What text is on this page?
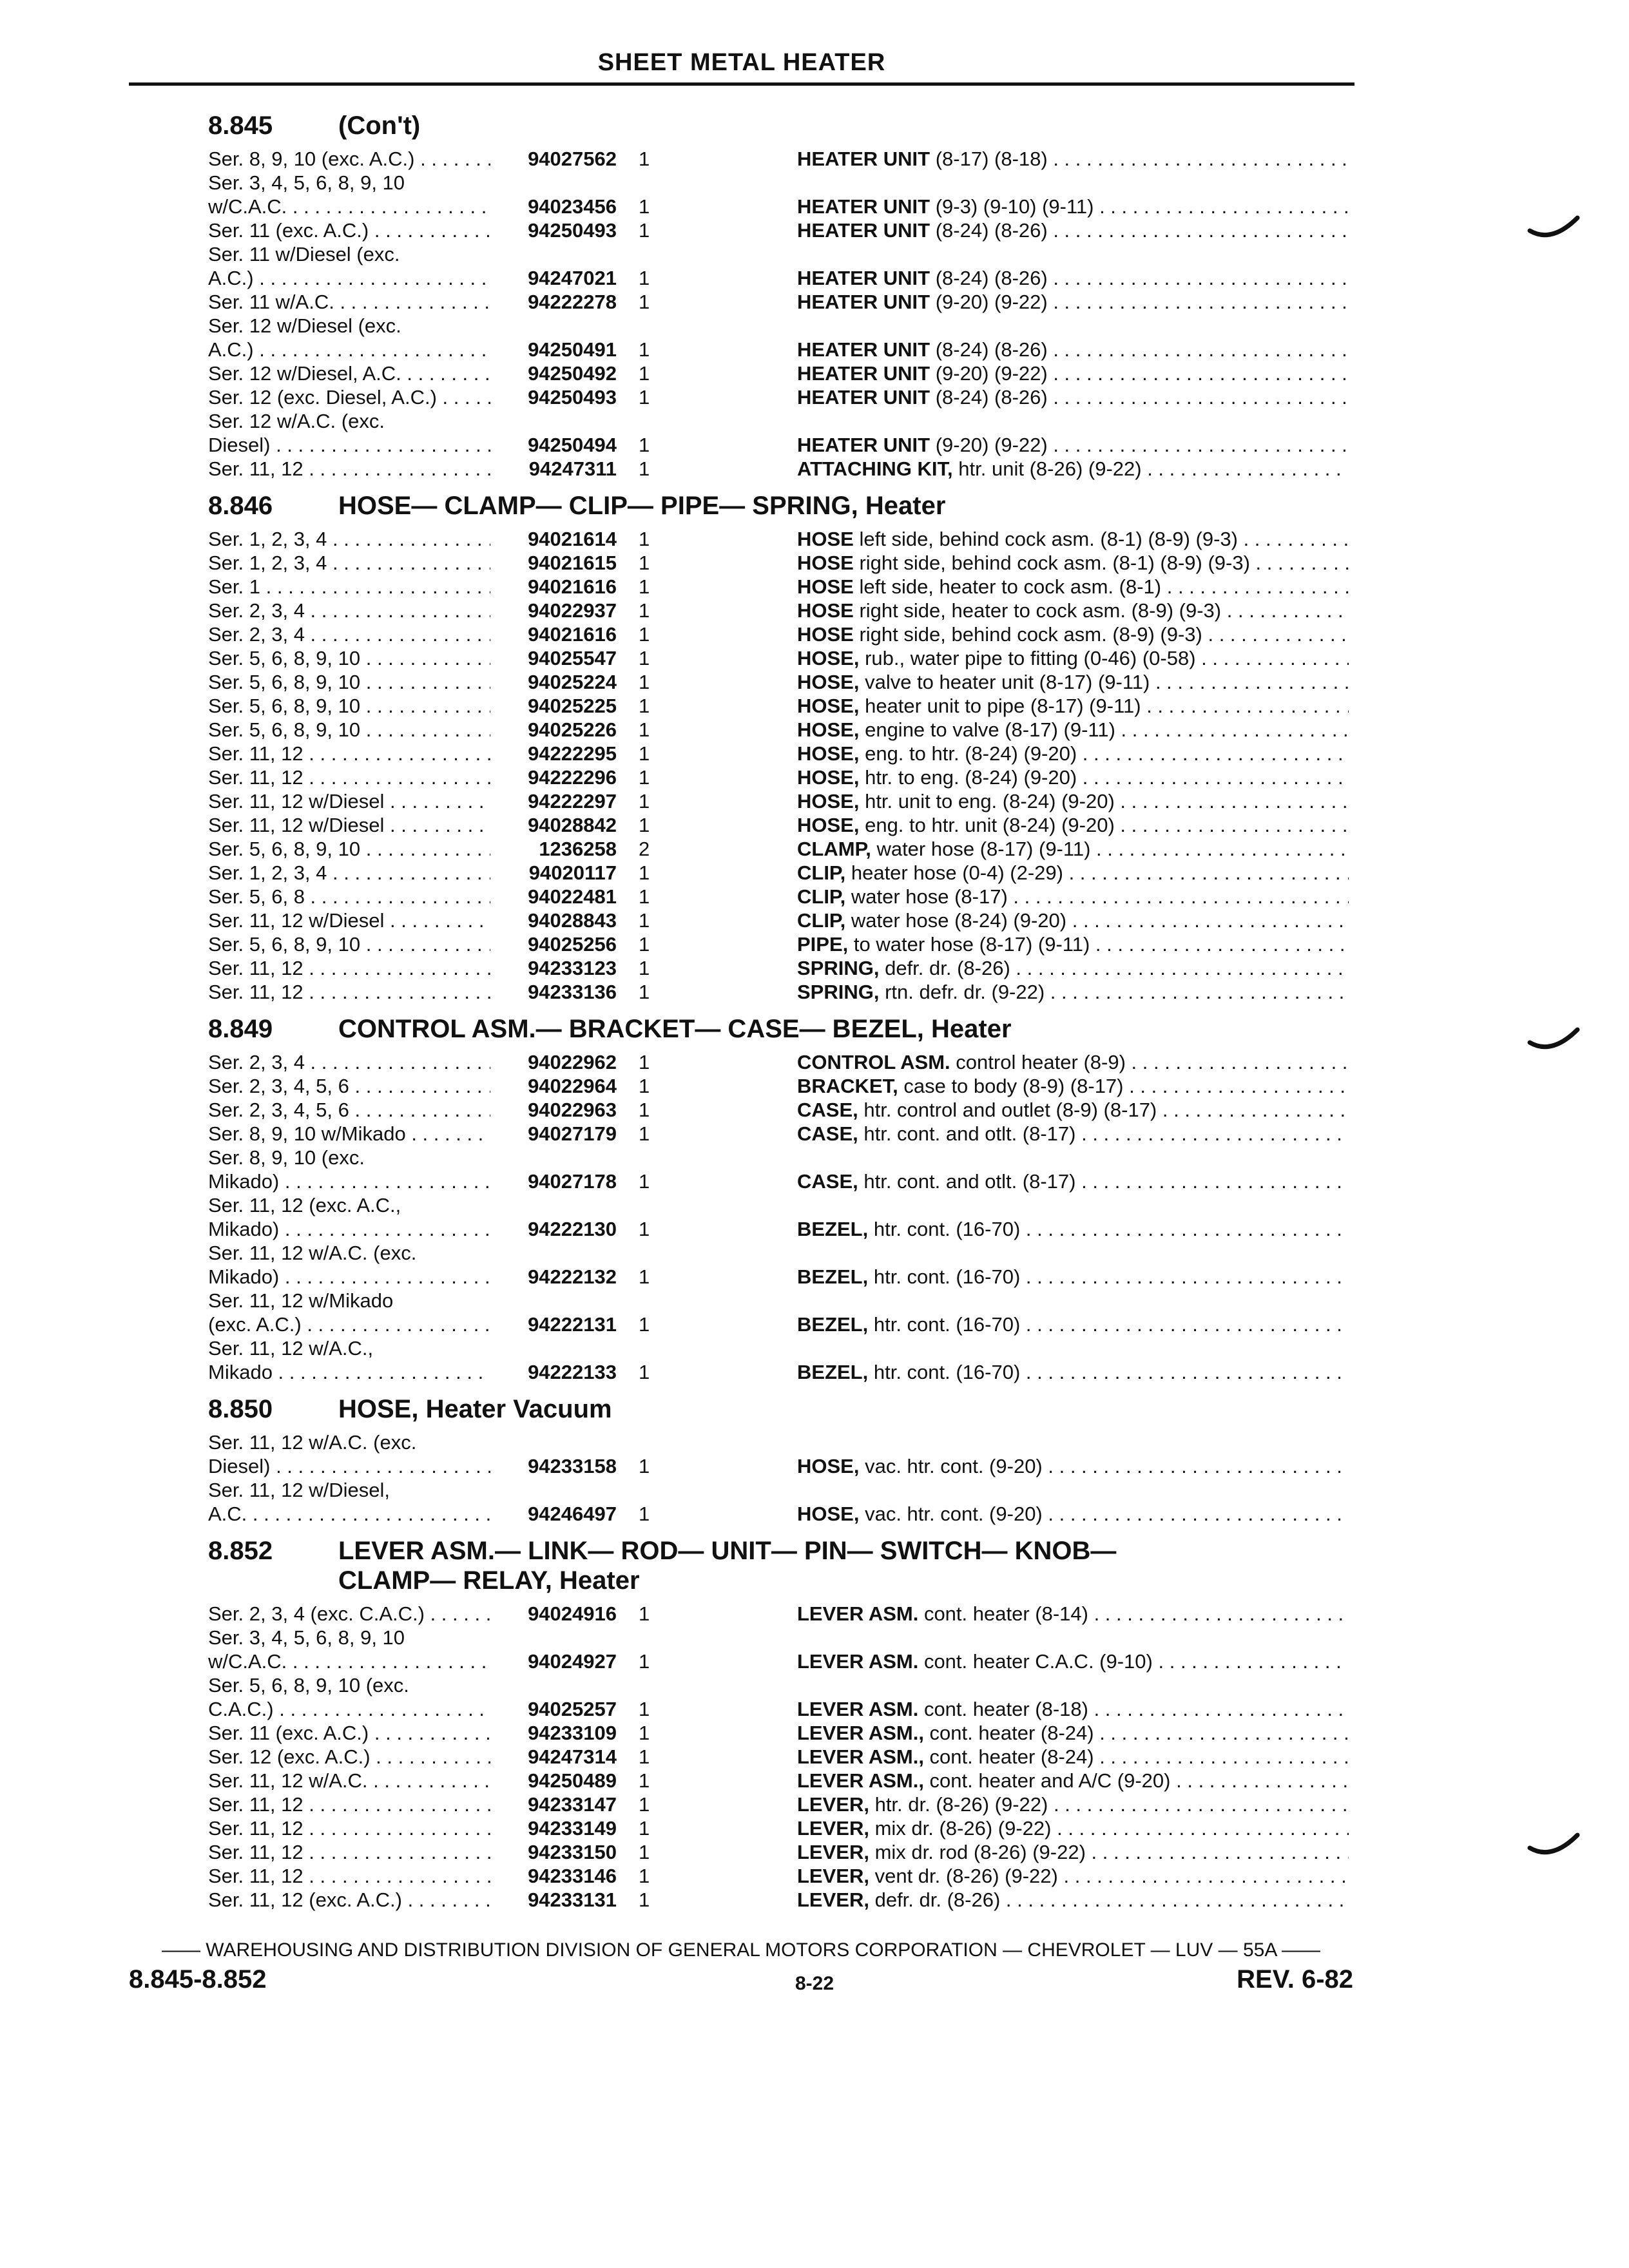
SHEET METAL HEATER
8.845	(Con't)
Ser. 8, 9, 10 (exc. A.C.) . . .	94027562 1	HEATER UNIT (8-17) (8-18) . . .
Ser. 3, 4, 5, 6, 8, 9, 10
w/C.A.C. . . .	94023456 1	HEATER UNIT (9-3) (9-10) (9-11) . . .
Ser. 11 (exc. A.C.) . . .	94250493 1	HEATER UNIT (8-24) (8-26) . . .
Ser. 11 w/Diesel (exc.
A.C.) . . .	94247021 1	HEATER UNIT (8-24) (8-26) . . .
Ser. 11 w/A.C. . . .	94222278 1	HEATER UNIT (9-20) (9-22) . . .
Ser. 12 w/Diesel (exc.
A.C.) . . .	94250491 1	HEATER UNIT (8-24) (8-26) . . .
Ser. 12 w/Diesel, A.C. . . .	94250492 1	HEATER UNIT (9-20) (9-22) . . .
Ser. 12 (exc. Diesel, A.C.) . . .	94250493 1	HEATER UNIT (8-24) (8-26) . . .
Ser. 12 w/A.C. (exc.
Diesel) . . .	94250494 1	HEATER UNIT (9-20) (9-22) . . .
Ser. 11, 12 . . .	94247311 1	ATTACHING KIT, htr. unit (8-26) (9-22) . . .
8.846	HOSE— CLAMP— CLIP— PIPE— SPRING, Heater
Ser. 1, 2, 3, 4 . . .	94021614 1	HOSE left side, behind cock asm. (8-1) (8-9) (9-3) . . .
Ser. 1, 2, 3, 4 . . .	94021615 1	HOSE right side, behind cock asm. (8-1) (8-9) (9-3) . . .
Ser. 1 . . .	94021616 1	HOSE left side, heater to cock asm. (8-1) . . .
Ser. 2, 3, 4 . . .	94022937 1	HOSE right side, heater to cock asm. (8-9) (9-3) . . .
Ser. 2, 3, 4 . . .	94021616 1	HOSE right side, behind cock asm. (8-9) (9-3) . . .
Ser. 5, 6, 8, 9, 10 . . .	94025547 1	HOSE, rub., water pipe to fitting (0-46) (0-58) . . .
Ser. 5, 6, 8, 9, 10 . . .	94025224 1	HOSE, valve to heater unit (8-17) (9-11) . . .
Ser. 5, 6, 8, 9, 10 . . .	94025225 1	HOSE, heater unit to pipe (8-17) (9-11) . . .
Ser. 5, 6, 8, 9, 10 . . .	94025226 1	HOSE, engine to valve (8-17) (9-11) . . .
Ser. 11, 12 . . .	94222295 1	HOSE, eng. to htr. (8-24) (9-20) . . .
Ser. 11, 12 . . .	94222296 1	HOSE, htr. to eng. (8-24) (9-20) . . .
Ser. 11, 12 w/Diesel . . .	94222297 1	HOSE, htr. unit to eng. (8-24) (9-20) . . .
Ser. 11, 12 w/Diesel . . .	94028842 1	HOSE, eng. to htr. unit (8-24) (9-20) . . .
Ser. 5, 6, 8, 9, 10 . . .	1236258 2	CLAMP, water hose (8-17) (9-11) . . .
Ser. 1, 2, 3, 4 . . .	94020117 1	CLIP, heater hose (0-4) (2-29) . . .
Ser. 5, 6, 8 . . .	94022481 1	CLIP, water hose (8-17) . . .
Ser. 11, 12 w/Diesel . . .	94028843 1	CLIP, water hose (8-24) (9-20) . . .
Ser. 5, 6, 8, 9, 10 . . .	94025256 1	PIPE, to water hose (8-17) (9-11) . . .
Ser. 11, 12 . . .	94233123 1	SPRING, defr. dr. (8-26) . . .
Ser. 11, 12 . . .	94233136 1	SPRING, rtn. defr. dr. (9-22) . . .
8.849	CONTROL ASM.— BRACKET— CASE— BEZEL, Heater
Ser. 2, 3, 4 . . .	94022962 1	CONTROL ASM. control heater (8-9) . . .
Ser. 2, 3, 4, 5, 6 . . .	94022964 1	BRACKET, case to body (8-9) (8-17) . . .
Ser. 2, 3, 4, 5, 6 . . .	94022963 1	CASE, htr. control and outlet (8-9) (8-17) . . .
Ser. 8, 9, 10 w/Mikado . . .	94027179 1	CASE, htr. cont. and otlt. (8-17) . . .
Ser. 8, 9, 10 (exc.
Mikado) . . .	94027178 1	CASE, htr. cont. and otlt. (8-17) . . .
Ser. 11, 12 (exc. A.C.,
Mikado) . . .	94222130 1	BEZEL, htr. cont. (16-70) . . .
Ser. 11, 12 w/A.C. (exc.
Mikado) . . .	94222132 1	BEZEL, htr. cont. (16-70) . . .
Ser. 11, 12 w/Mikado
(exc. A.C.) . . .	94222131 1	BEZEL, htr. cont. (16-70) . . .
Ser. 11, 12 w/A.C.,
Mikado . . .	94222133 1	BEZEL, htr. cont. (16-70) . . .
8.850	HOSE, Heater Vacuum
Ser. 11, 12 w/A.C. (exc.
Diesel) . . .	94233158 1	HOSE, vac. htr. cont. (9-20) . . .
Ser. 11, 12 w/Diesel,
A.C. . . .	94246497 1	HOSE, vac. htr. cont. (9-20) . . .
8.852	LEVER ASM.— LINK— ROD— UNIT— PIN— SWITCH— KNOB—
CLAMP— RELAY, Heater
Ser. 2, 3, 4 (exc. C.A.C.) . . .	94024916 1	LEVER ASM. cont. heater (8-14) . . .
Ser. 3, 4, 5, 6, 8, 9, 10
w/C.A.C. . . .	94024927 1	LEVER ASM. cont. heater C.A.C. (9-10) . . .
Ser. 5, 6, 8, 9, 10 (exc.
C.A.C.) . . .	94025257 1	LEVER ASM. cont. heater (8-18) . . .
Ser. 11 (exc. A.C.) . . .	94233109 1	LEVER ASM., cont. heater (8-24) . . .
Ser. 12 (exc. A.C.) . . .	94247314 1	LEVER ASM., cont. heater (8-24) . . .
Ser. 11, 12 w/A.C. . . .	94250489 1	LEVER ASM., cont. heater and A/C (9-20) . . .
Ser. 11, 12 . . .	94233147 1	LEVER, htr. dr. (8-26) (9-22) . . .
Ser. 11, 12 . . .	94233149 1	LEVER, mix dr. (8-26) (9-22) . . .
Ser. 11, 12 . . .	94233150 1	LEVER, mix dr. rod (8-26) (9-22) . . .
Ser. 11, 12 . . .	94233146 1	LEVER, vent dr. (8-26) (9-22) . . .
Ser. 11, 12 (exc. A.C.) . . .	94233131 1	LEVER, defr. dr. (8-26) . . .
—— WAREHOUSING AND DISTRIBUTION DIVISION OF GENERAL MOTORS CORPORATION — CHEVROLET — LUV — 55A ——
8.845-8.852	8-22	REV. 6-82
